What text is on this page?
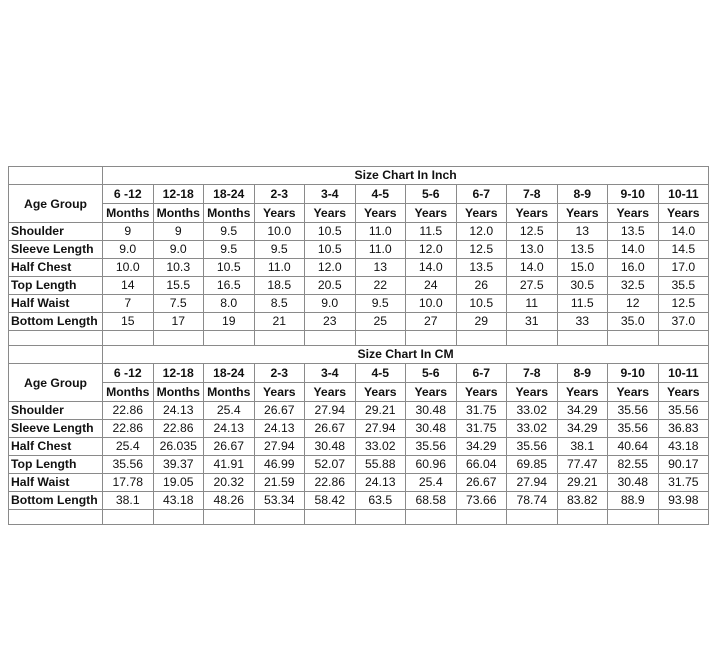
	Size Chart In Inch											
Age Group	6 -12	12-18	18-24	2-3	3-4	4-5	5-6	6-7	7-8	8-9	9-10	10-11
	Months	Months	Months	Years	Years	Years	Years	Years	Years	Years	Years	Years
Shoulder	9	9	9.5	10.0	10.5	11.0	11.5	12.0	12.5	13	13.5	14.0
Sleeve Length	9.0	9.0	9.5	9.5	10.5	11.0	12.0	12.5	13.0	13.5	14.0	14.5
Half Chest	10.0	10.3	10.5	11.0	12.0	13	14.0	13.5	14.0	15.0	16.0	17.0
Top Length	14	15.5	16.5	18.5	20.5	22	24	26	27.5	30.5	32.5	35.5
Half Waist	7	7.5	8.0	8.5	9.0	9.5	10.0	10.5	11	11.5	12	12.5
Bottom Length	15	17	19	21	23	25	27	29	31	33	35.0	37.0

	Size Chart In CM											
Age Group	6 -12	12-18	18-24	2-3	3-4	4-5	5-6	6-7	7-8	8-9	9-10	10-11
	Months	Months	Months	Years	Years	Years	Years	Years	Years	Years	Years	Years
Shoulder	22.86	24.13	25.4	26.67	27.94	29.21	30.48	31.75	33.02	34.29	35.56	35.56
Sleeve Length	22.86	22.86	24.13	24.13	26.67	27.94	30.48	31.75	33.02	34.29	35.56	36.83
Half Chest	25.4	26.035	26.67	27.94	30.48	33.02	35.56	34.29	35.56	38.1	40.64	43.18
Top Length	35.56	39.37	41.91	46.99	52.07	55.88	60.96	66.04	69.85	77.47	82.55	90.17
Half Waist	17.78	19.05	20.32	21.59	22.86	24.13	25.4	26.67	27.94	29.21	30.48	31.75
Bottom Length	38.1	43.18	48.26	53.34	58.42	63.5	68.58	73.66	78.74	83.82	88.9	93.98
